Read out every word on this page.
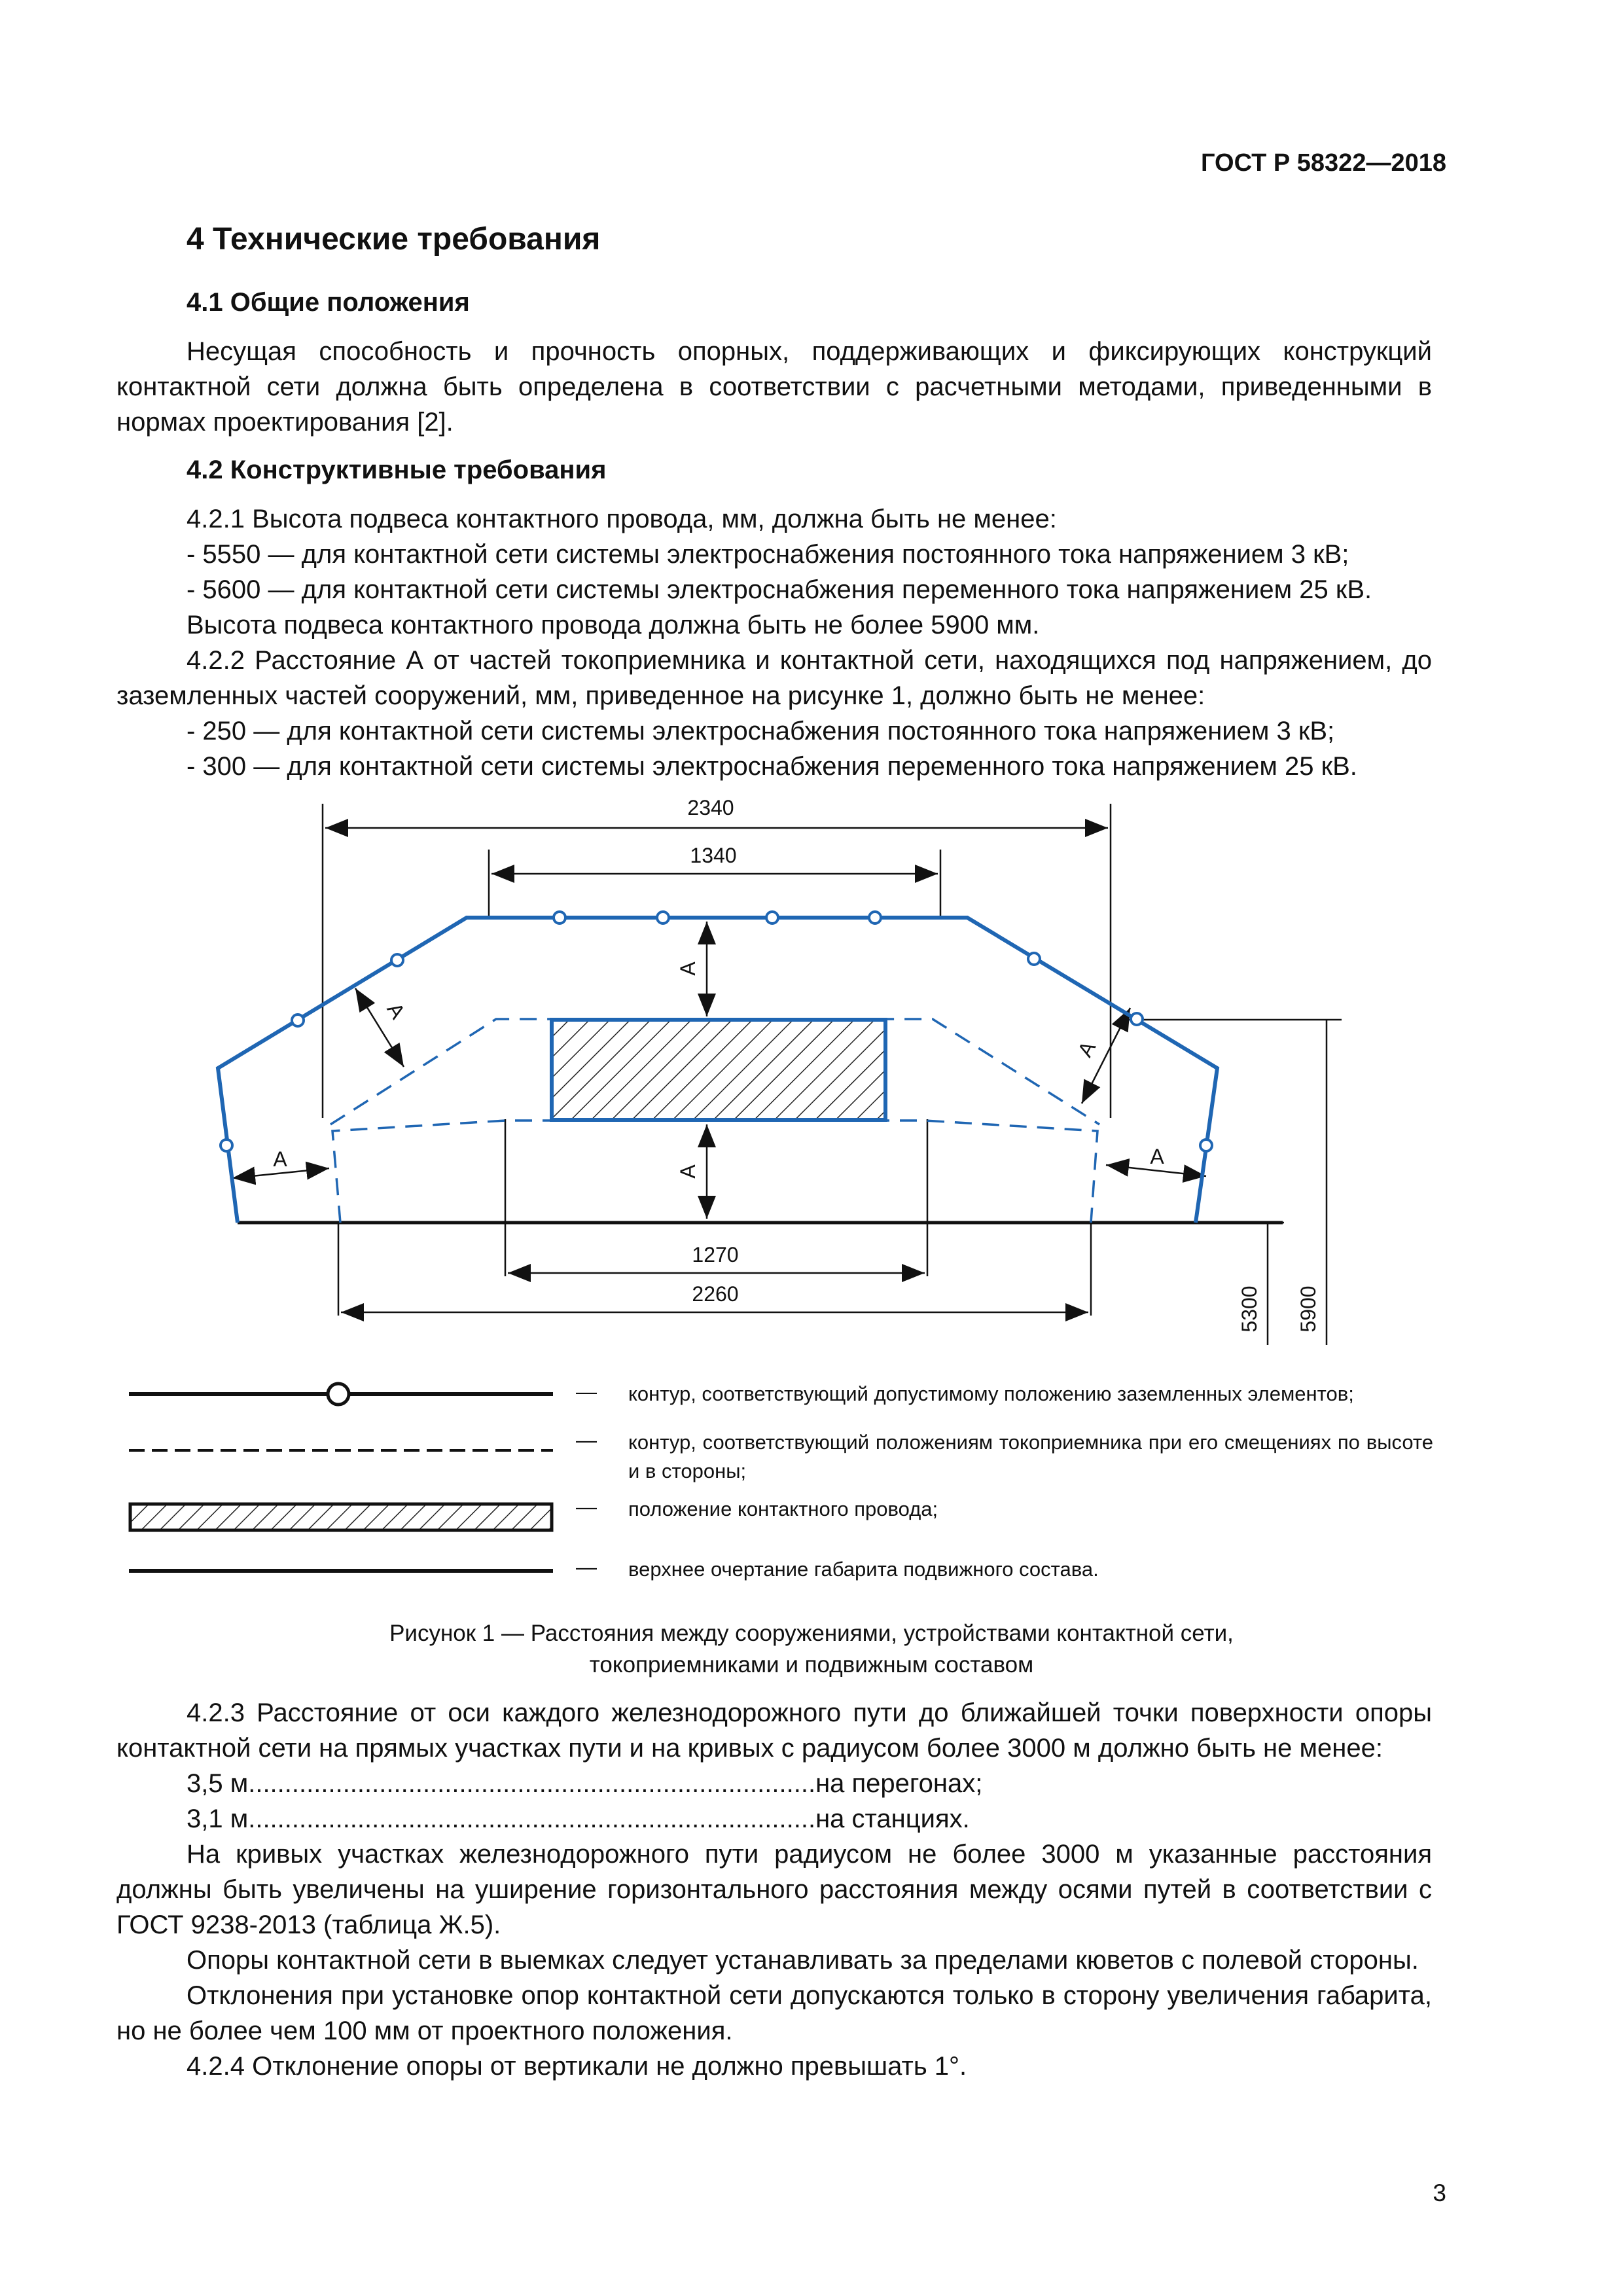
ГОСТ Р 58322—2018
4 Технические требования
4.1 Общие положения
Несущая способность и прочность опорных, поддерживающих и фиксирующих конструкций контактной сети должна быть определена в соответствии с расчетными методами, приведенными в нормах проектирования [2].
4.2 Конструктивные требования

4.2.1 Высота подвеса контактного провода, мм, должна быть не менее:

- 5550 — для контактной сети системы электроснабжения постоянного тока напряжением 3 кВ;

- 5600 — для контактной сети системы электроснабжения переменного тока напряжением 25 кВ.

Высота подвеса контактного провода должна быть не более 5900 мм.

4.2.2 Расстояние А от частей токоприемника и контактной сети, находящихся под напряжением, до заземленных частей сооружений, мм, приведенное на рисунке 1, должно быть не менее:

- 250 — для контактной сети системы электроснабжения постоянного тока напряжением 3 кВ;

- 300 — для контактной сети системы электроснабжения переменного тока напряжением 25 кВ.

2340
1340
1270
2260	5300 5900
А
А
А
А
А	А
— контур, соответствующий допустимому положению заземленных элементов;
— контур, соответствующий положениям токоприемника при его смещениях по высоте и в стороны;
— положение контактного провода;
— верхнее очертание габарита подвижного состава.

Рисунок 1 — Расстояния между сооружениями, устройствами контактной сети,

токоприемниками и подвижным составом

4.2.3 Расстояние от оси каждого железнодорожного пути до ближайшей точки поверхности опоры контактной сети на прямых участках пути и на кривых с радиусом более 3000 м должно быть не менее:

3,5 м .............................................................................. на перегонах;
3,1 м .............................................................................. на станциях.

На кривых участках железнодорожного пути радиусом не более 3000 м указанные расстояния должны быть увеличены на уширение горизонтального расстояния между осями путей в соответствии с ГОСТ 9238-2013 (таблица Ж.5).

Опоры контактной сети в выемках следует устанавливать за пределами кюветов с полевой стороны.

Отклонения при установке опор контактной сети допускаются только в сторону увеличения габарита, но не более чем 100 мм от проектного положения.

4.2.4 Отклонение опоры от вертикали не должно превышать 1°.

3
